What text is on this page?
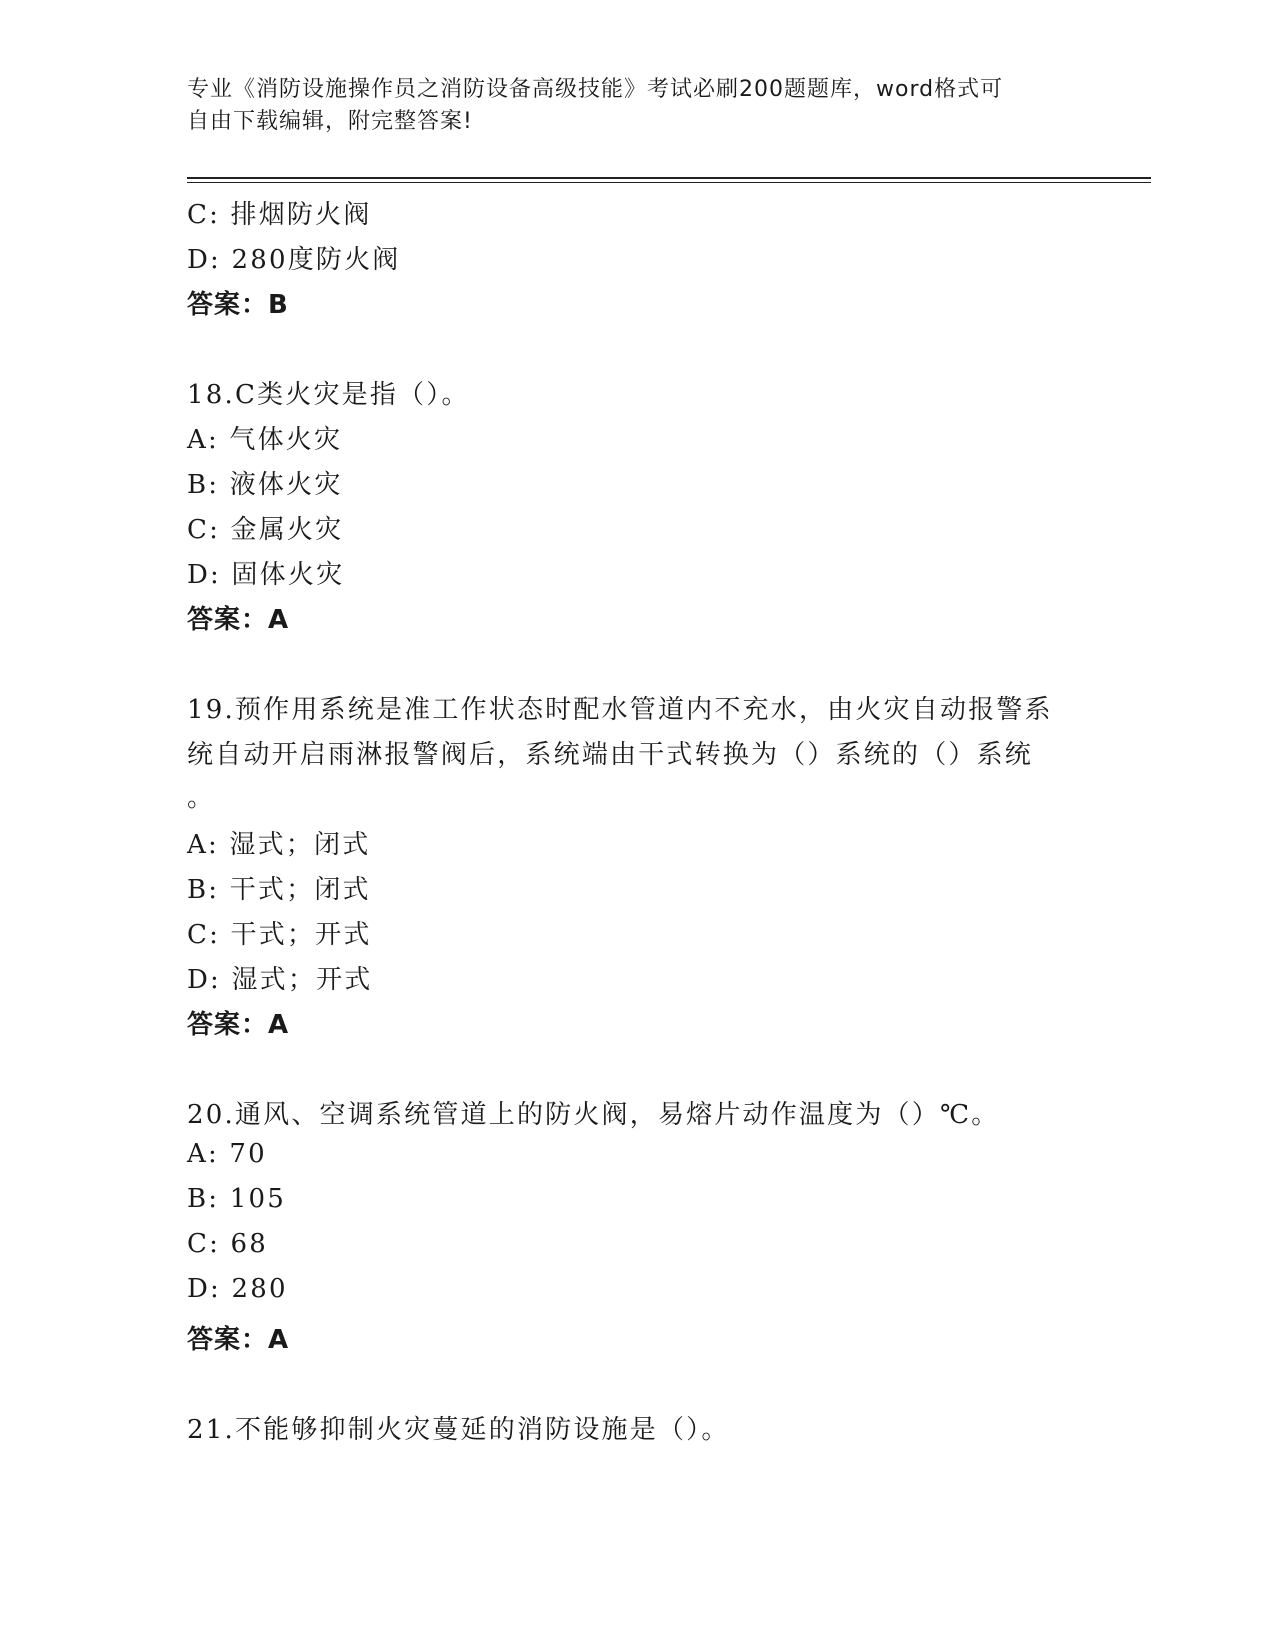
专业《消防设施操作员之消防设备高级技能》考试必刷200题题库，word格式可
自由下载编辑，附完整答案!
C: 排烟防火阀
D: 280度防火阀
答案：B
18.C类火灾是指（）。
A: 气体火灾
B: 液体火灾
C: 金属火灾
D: 固体火灾
答案：A
19.预作用系统是准工作状态时配水管道内不充水，由火灾自动报警系
统自动开启雨淋报警阀后，系统端由干式转换为（）系统的（）系统
。
A: 湿式；闭式
B: 干式；闭式
C: 干式；开式
D: 湿式；开式
答案：A
20.通风、空调系统管道上的防火阀，易熔片动作温度为（）℃。
A: 70
B: 105
C: 68
D: 280
答案：A
21.不能够抑制火灾蔓延的消防设施是（）。
